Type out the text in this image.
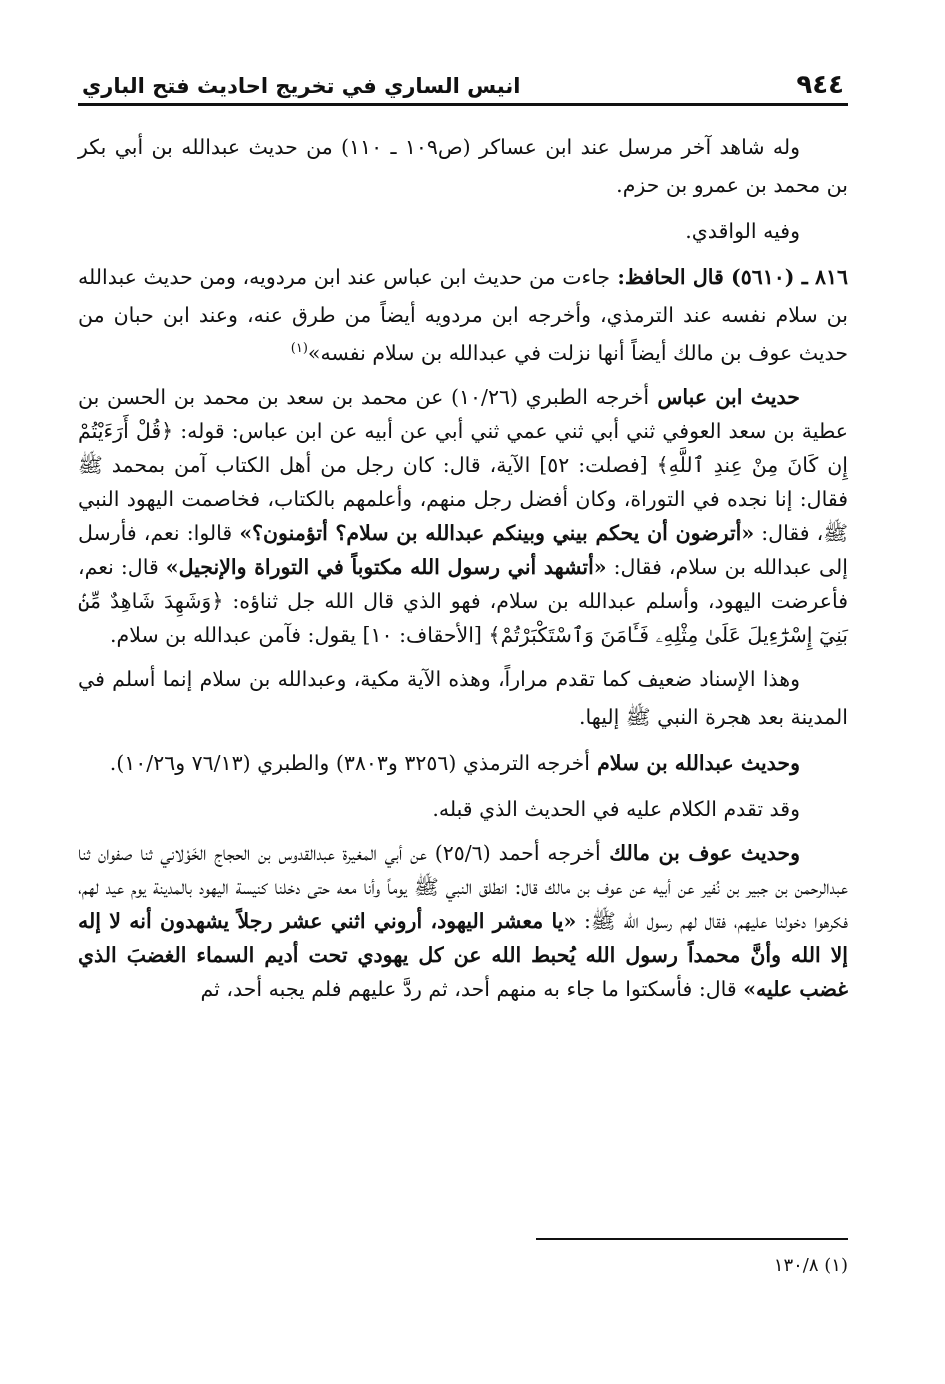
٩٤٤
انيس الساري في تخريج احاديث فتح الباري

وله شاهد آخر مرسل عند ابن عساكر (ص١٠٩ ـ ١١٠) من حديث عبدالله بن أبي بكر بن محمد بن عمرو بن حزم.

وفيه الواقدي.

٨١٦ ـ (٥٦١٠) قال الحافظ: جاءت من حديث ابن عباس عند ابن مردويه، ومن حديث عبدالله بن سلام نفسه عند الترمذي، وأخرجه ابن مردويه أيضاً من طرق عنه، وعند ابن حبان من حديث عوف بن مالك أيضاً أنها نزلت في عبدالله بن سلام نفسه»$^{(١)}$

حديث ابن عباس أخرجه الطبري (١٠/٢٦) عن محمد بن سعد بن محمد بن الحسن بن عطية بن سعد العوفي ثني أبي ثني عمي ثني أبي عن أبيه عن ابن عباس: قوله: ﴿قُلْ أَرَءَيْتُمْ إِن كَانَ مِنْ عِندِ ٱللَّهِ﴾ [فصلت: ٥٢] الآية، قال: كان رجل من أهل الكتاب آمن بمحمد ﷺ فقال: إنا نجده في التوراة، وكان أفضل رجل منهم، وأعلمهم بالكتاب، فخاصمت اليهود النبي ﷺ، فقال: «أترضون أن يحكم بيني وبينكم عبدالله بن سلام؟ أتؤمنون؟» قالوا: نعم، فأرسل إلى عبدالله بن سلام، فقال: «أتشهد أني رسول الله مكتوباً في التوراة والإنجيل» قال: نعم، فأعرضت اليهود، وأسلم عبدالله بن سلام، فهو الذي قال الله جل ثناؤه: ﴿وَشَهِدَ شَاهِدٌ مِّنۢ بَنِيٓ إِسْرَٰٓءِيلَ عَلَىٰ مِثْلِهِۦ فَـَٔامَنَ وَٱسْتَكْبَرْتُمْ﴾ [الأحقاف: ١٠] يقول: فآمن عبدالله بن سلام.

وهذا الإسناد ضعيف كما تقدم مراراً، وهذه الآية مكية، وعبدالله بن سلام إنما أسلم في المدينة بعد هجرة النبي ﷺ إليها.

وحديث عبدالله بن سلام أخرجه الترمذي (٣٢٥٦ و٣٨٠٣) والطبري (٧٦/١٣ و١٠/٢٦).

وقد تقدم الكلام عليه في الحديث الذي قبله.

وحديث عوف بن مالك أخرجه أحمد (٢٥/٦) عن أبي المغيرة عبدالقدوس بن الحجاج الخَوْلاني ثنا صفوان ثنا عبدالرحمن بن جبير بن نُفير عن أبيه عن عوف بن مالك قال: انطلق النبي ﷺ يوماً وأنا معه حتى دخلنا كنيسة اليهود بالمدينة يوم عيد لهم، فكرهوا دخولنا عليهم، فقال لهم رسول الله ﷺ: «يا معشر اليهود، أروني اثني عشر رجلاً يشهدون أنه لا إله إلا الله وأنَّ محمداً رسول الله يُحبط الله عن كل يهودي تحت أديم السماء الغضبَ الذي غضب عليه» قال: فأسكتوا ما جاء به منهم أحد، ثم ردَّ عليهم فلم يجبه أحد، ثم

(١) ١٣٠/٨
